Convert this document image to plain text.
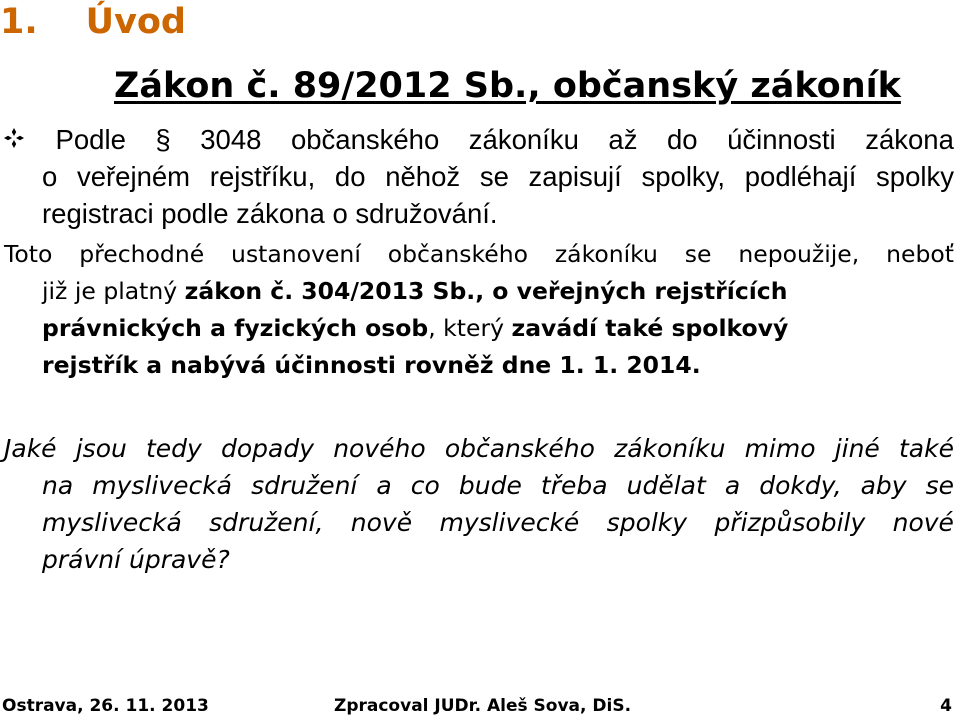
1. Úvod
Zákon č. 89/2012 Sb., občanský zákoník
Podle § 3048 občanského zákoníku až do účinnosti zákona
o veřejném rejstříku, do něhož se zapisují spolky, podléhají spolky
registraci podle zákona o sdružování.
Toto přechodné ustanovení občanského zákoníku se nepoužije, neboť
již je platný
zákon č. 304/2013 Sb. , o veřejných rejstřících
právnických a fyzických osob , který
zavádí také spolkový
rejstřík a nabývá účinnosti rovněž dne 1. 1. 2014.
Jaké jsou tedy dopady nového občanského zákoníku mimo jiné také
na myslivecká sdružení a co bude třeba udělat a dokdy, aby se
myslivecká sdružení, nově myslivecké spolky přizpůsobily nové
právní úpravě?
Ostrava, 26. 11. 2013	Zpracoval JUDr. Aleš Sova, DiS.	4
